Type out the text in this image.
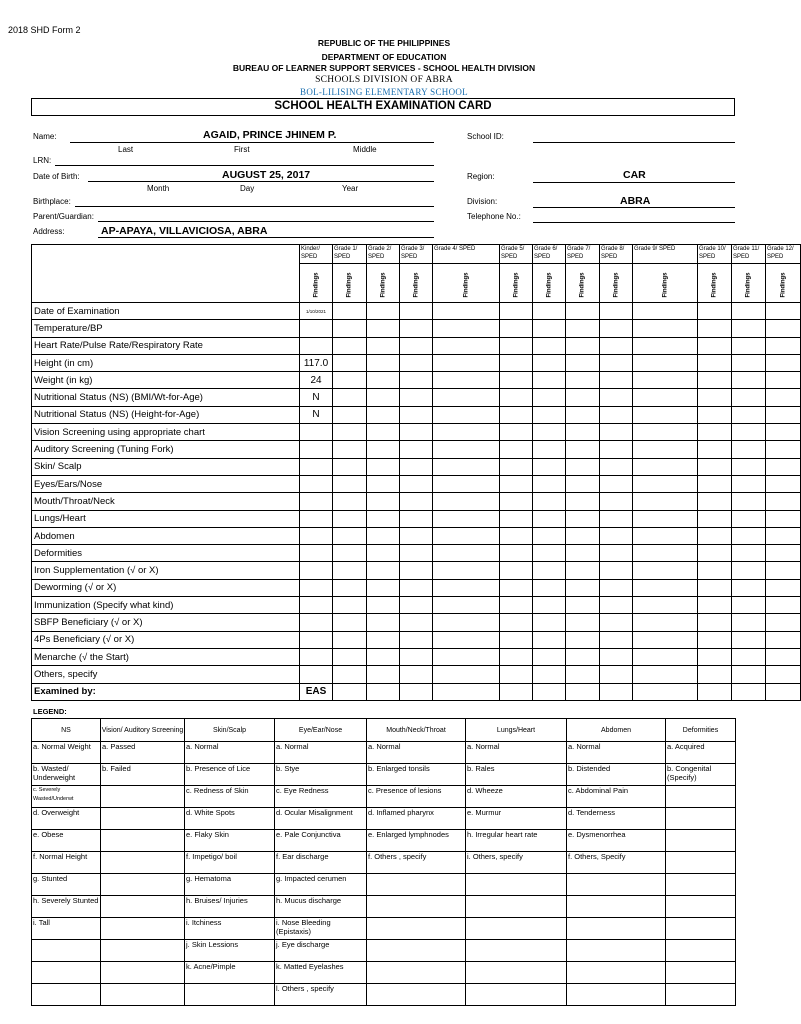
2018 SHD Form 2
REPUBLIC OF THE PHILIPPINES
DEPARTMENT OF EDUCATION
BUREAU OF LEARNER SUPPORT SERVICES - SCHOOL HEALTH DIVISION
SCHOOLS DIVISION OF ABRA
BOL-LILISING ELEMENTARY SCHOOL
SCHOOL HEALTH EXAMINATION CARD
Name:	AGAID, PRINCE JHINEM P.
Last	First	Middle
School ID:
LRN:
Date of Birth:	AUGUST 25, 2017
Month	Day	Year
Region:	CAR
Birthplace:	Division:	ABRA
Parent/Guardian:	Telephone No.:
Address:	AP-APAYA, VILLAVICIOSA, ABRA
	Kinder/ SPED	Grade 1/ SPED	Grade 2/ SPED	Grade 3/ SPED	Grade 4/ SPED	Grade 5/ SPED	Grade 6/ SPED	Grade 7/ SPED	Grade 8/ SPED	Grade 9/ SPED	Grade 10/ SPED	Grade 11/ SPED	Grade 12/ SPED
	Findings	Findings	Findings	Findings	Findings	Findings	Findings	Findings	Findings	Findings	Findings	Findings	Findings
Date of Examination	1/10/2021												
Temperature/BP													
Heart Rate/Pulse Rate/Respiratory Rate													
Height (in cm)	117.0												
Weight (in kg)	24												
Nutritional Status (NS) (BMI/Wt-for-Age)	N												
Nutritional Status (NS) (Height-for-Age)	N												
Vision Screening using appropriate chart													
Auditory Screening (Tuning Fork)													
Skin/ Scalp													
Eyes/Ears/Nose													
Mouth/Throat/Neck													
Lungs/Heart													
Abdomen													
Deformities													
Iron Supplementation (√ or X)													
Deworming (√ or X)													
Immunization (Specify what kind)													
SBFP Beneficiary (√ or X)													
4Ps Beneficiary (√ or X)													
Menarche (√ the Start)													
Others, specify													
Examined by:	EAS												
LEGEND:
NS	Vision/ Auditory Screening	Skin/Scalp	Eye/Ear/Nose	Mouth/Neck/Throat	Lungs/Heart	Abdomen	Deformities
a. Normal Weight	a. Passed	a. Normal	a. Normal	a. Normal	a. Normal	a. Normal	a. Acquired
b. Wasted/ Underweight	b. Failed	b. Presence of Lice	b. Stye	b. Enlarged tonsils	b. Rales	b. Distended	b. Congenital (Specify)
c. Severely Wasted/Underwt		c. Redness of Skin	c. Eye Redness	c. Presence of lesions	d. Wheeze	c. Abdominal Pain	
d. Overweight		d. White Spots	d. Ocular Misalignment	d. Inflamed pharynx	e. Murmur	d. Tenderness	
e. Obese		e. Flaky Skin	e. Pale Conjunctiva	e. Enlarged lymphnodes	h. Irregular heart rate	e. Dysmenorrhea	
f. Normal Height		f. Impetigo/ boil	f. Ear discharge	f. Others , specify	i. Others, specify	f. Others, Specify	
g. Stunted		g. Hematoma	g. Impacted cerumen				
h. Severely Stunted		h. Bruises/ Injuries	h. Mucus discharge				
i. Tall		i. Itchiness	i. Nose Bleeding (Epistaxis)				
		j. Skin Lessions	j. Eye discharge				
		k. Acne/Pimple	k. Matted Eyelashes				
			l. Others , specify				
